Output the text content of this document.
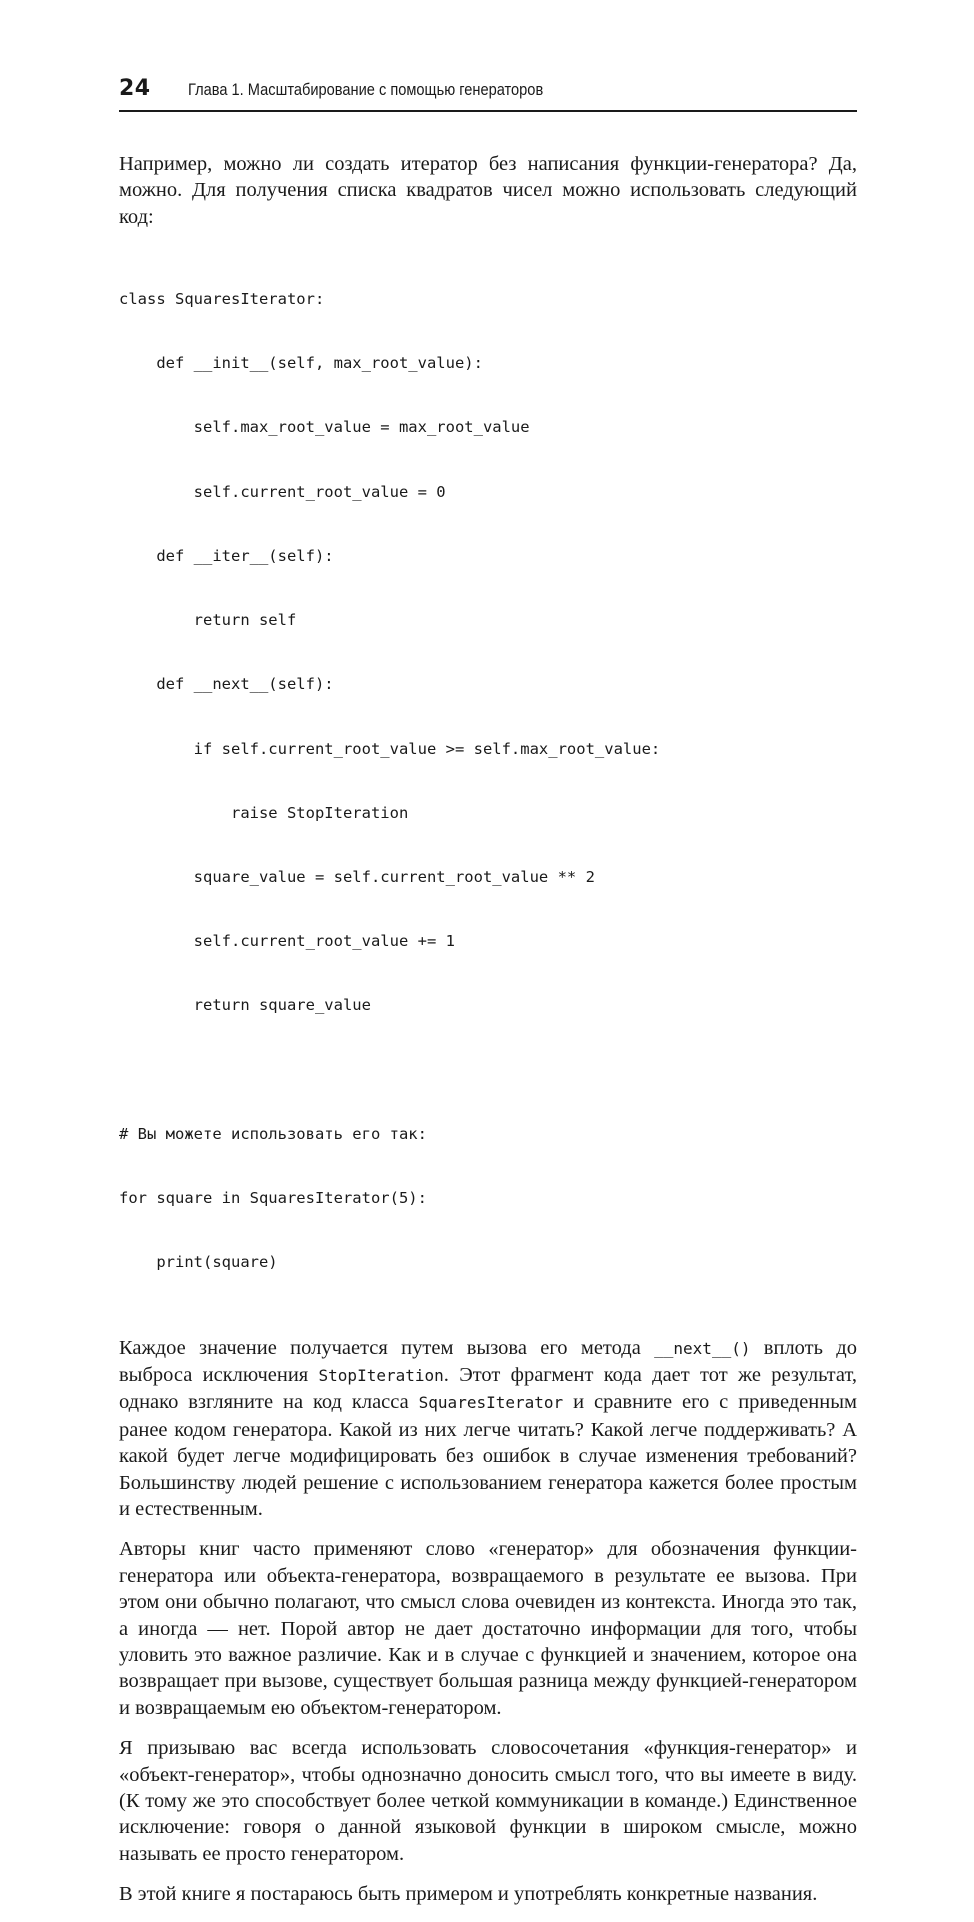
24 Глава 1. Масштабирование с помощью генераторов

Например, можно ли создать итератор без написания функции-генератора? Да, можно. Для получения списка квадратов чисел можно использовать следующий код:

class SquaresIterator:

def __init__(self, max_root_value):

self.max_root_value = max_root_value

self.current_root_value = 0

def __iter__(self):

return self

def __next__(self):

if self.current_root_value >= self.max_root_value:

raise StopIteration

square_value = self.current_root_value ** 2

self.current_root_value += 1

return square_value

# Вы можете использовать его так:

for square in SquaresIterator(5):

print(square)

Каждое значение получается путем вызова его метода __next__() вплоть до выброса исключения StopIteration. Этот фрагмент кода дает тот же результат, однако взгляните на код класса SquaresIterator и сравните его с приведенным ранее кодом генератора. Какой из них легче читать? Какой легче поддерживать? А какой будет легче модифицировать без ошибок в случае изменения требований? Большинству людей решение с использованием генератора кажется более простым и естественным.

Авторы книг часто применяют слово «генератор» для обозначения функции-генератора или объекта-генератора, возвращаемого в результате ее вызова. При этом они обычно полагают, что смысл слова очевиден из контекста. Иногда это так, а иногда — нет. Порой автор не дает достаточно информации для того, чтобы уловить это важное различие. Как и в случае с функцией и значением, которое она возвращает при вызове, существует большая разница между функцией-генератором и возвращаемым ею объектом-генератором.

Я призываю вас всегда использовать словосочетания «функция-генератор» и «объект-генератор», чтобы однозначно доносить смысл того, что вы имеете в виду. (К тому же это способствует более четкой коммуникации в команде.) Единственное исключение: говоря о данной языковой функции в широком смысле, можно называть ее просто генератором.

В этой книге я постараюсь быть примером и употреблять конкретные названия.
